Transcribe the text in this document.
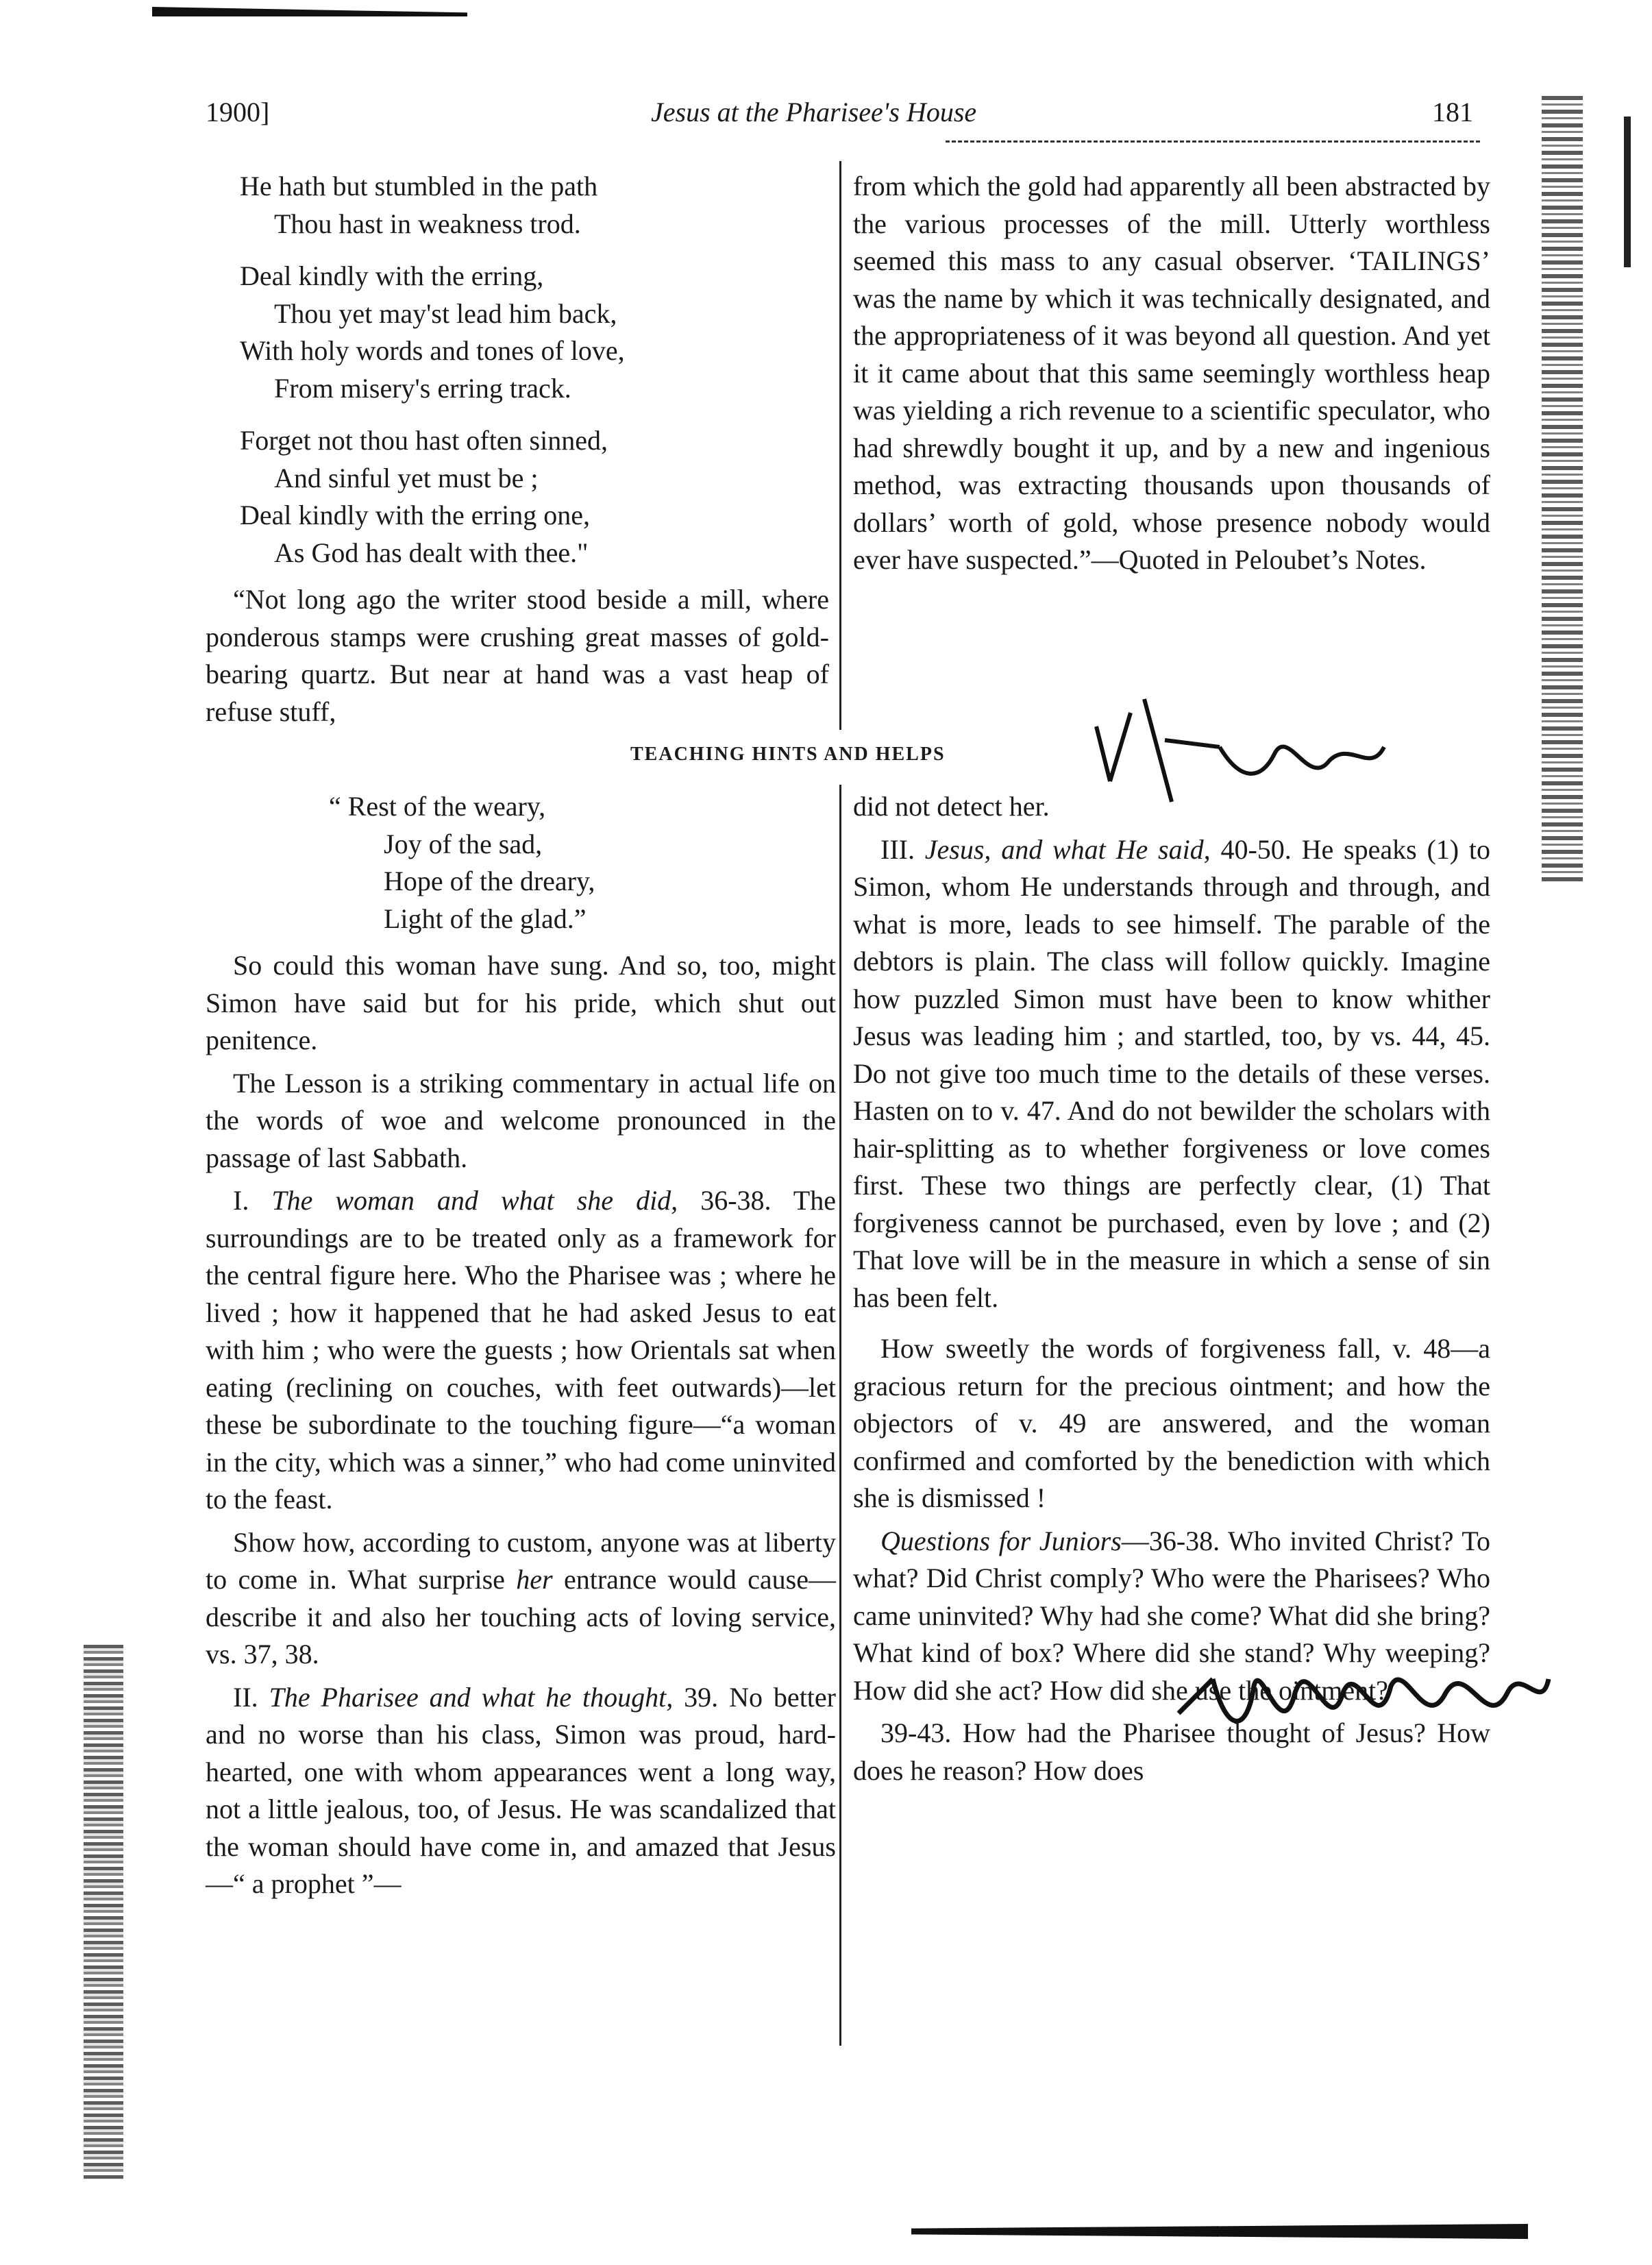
1900]	Jesus at the Pharisee's House	181
He hath but stumbled in the path
Thou hast in weakness trod.
Deal kindly with the erring,
Thou yet may'st lead him back,
With holy words and tones of love,
From misery's erring track.
Forget not thou hast often sinned,
And sinful yet must be ;
Deal kindly with the erring one,
As God has dealt with thee."

“Not long ago the writer stood beside a mill, where ponderous stamps were crushing great masses of gold-bearing quartz. But near at hand was a vast heap of refuse stuff,

from which the gold had apparently all been abstracted by the various processes of the mill. Utterly worthless seemed this mass to any casual observer. ‘TAILINGS’ was the name by which it was technically designated, and the appropriateness of it was beyond all question. And yet it it came about that this same seemingly worthless heap was yielding a rich revenue to a scientific speculator, who had shrewdly bought it up, and by a new and ingenious method, was extracting thousands upon thousands of dollars’ worth of gold, whose presence nobody would ever have suspected.”—Quoted in Peloubet’s Notes.

TEACHING HINTS AND HELPS
“ Rest of the weary,
Joy of the sad,
Hope of the dreary,
Light of the glad.”

So could this woman have sung. And so, too, might Simon have said but for his pride, which shut out penitence.

The Lesson is a striking commentary in actual life on the words of woe and welcome pronounced in the passage of last Sabbath.

I. The woman and what she did, 36-38. The surroundings are to be treated only as a framework for the central figure here. Who the Pharisee was ; where he lived ; how it happened that he had asked Jesus to eat with him ; who were the guests ; how Orientals sat when eating (reclining on couches, with feet outwards)—let these be subordinate to the touching figure—“a woman in the city, which was a sinner,” who had come uninvited to the feast.

Show how, according to custom, anyone was at liberty to come in. What surprise her entrance would cause—describe it and also her touching acts of loving service, vs. 37, 38.

II. The Pharisee and what he thought, 39. No better and no worse than his class, Simon was proud, hard-hearted, one with whom appearances went a long way, not a little jealous, too, of Jesus. He was scandalized that the woman should have come in, and amazed that Jesus—“ a prophet ”—

did not detect her.

III. Jesus, and what He said, 40-50. He speaks (1) to Simon, whom He understands through and through, and what is more, leads to see himself. The parable of the debtors is plain. The class will follow quickly. Imagine how puzzled Simon must have been to know whither Jesus was leading him ; and startled, too, by vs. 44, 45. Do not give too much time to the details of these verses. Hasten on to v. 47. And do not bewilder the scholars with hair-splitting as to whether forgiveness or love comes first. These two things are perfectly clear, (1) That forgiveness cannot be purchased, even by love ; and (2) That love will be in the measure in which a sense of sin has been felt.

How sweetly the words of forgiveness fall, v. 48—a gracious return for the precious ointment; and how the objectors of v. 49 are answered, and the woman confirmed and comforted by the benediction with which she is dismissed !

Questions for Juniors—36-38. Who invited Christ? To what? Did Christ comply? Who were the Pharisees? Who came uninvited? Why had she come? What did she bring? What kind of box? Where did she stand? Why weeping? How did she act? How did she use the ointment?

39-43. How had the Pharisee thought of Jesus? How does he reason? How does
